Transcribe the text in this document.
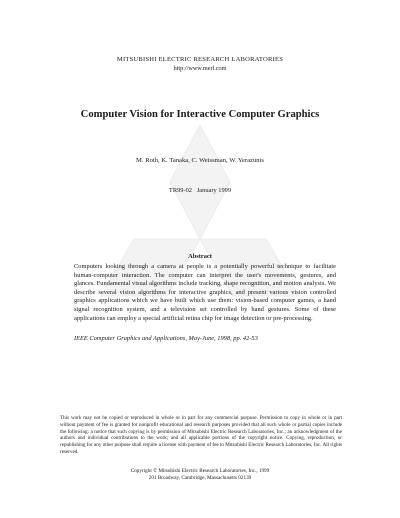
MITSUBISHI ELECTRIC RESEARCH LABORATORIES
http://www.merl.com
Computer Vision for Interactive Computer Graphics
M. Roth, K. Tanaka, C. Weissman, W. Yerazunis
TR99-02 January 1999
Abstract
Computers looking through a camera at people is a potentially powerful technique to facilitate human-computer interaction. The computer can interpret the user's movements, gestures, and glances. Fundamental visual algorithms include tracking, shape recognition, and motion analysis. We describe several vision algorithms for interactive graphics, and present various vision controlled graphics applications which we have built which use them: vision-based computer games, a hand signal recognition system, and a television set controlled by hand gestures. Some of these applications can employ a special artificial retina chip for image detection or pre-processing.
IEEE Computer Graphics and Applications, May-June, 1998, pp. 42-53
This work may not be copied or reproduced in whole or in part for any commercial purpose. Permission to copy in whole or in part without payment of fee is granted for nonprofit educational and research purposes provided that all such whole or partial copies include the following: a notice that such copying is by permission of Mitsubishi Electric Research Laboratories, Inc.; an acknowledgment of the authors and individual contributions to the work; and all applicable portions of the copyright notice. Copying, reproduction, or republishing for any other purpose shall require a license with payment of fee to Mitsubishi Electric Research Laboratories, Inc. All rights reserved.
Copyright © Mitsubishi Electric Research Laboratories, Inc., 1999
201 Broadway, Cambridge, Massachusetts 02139
